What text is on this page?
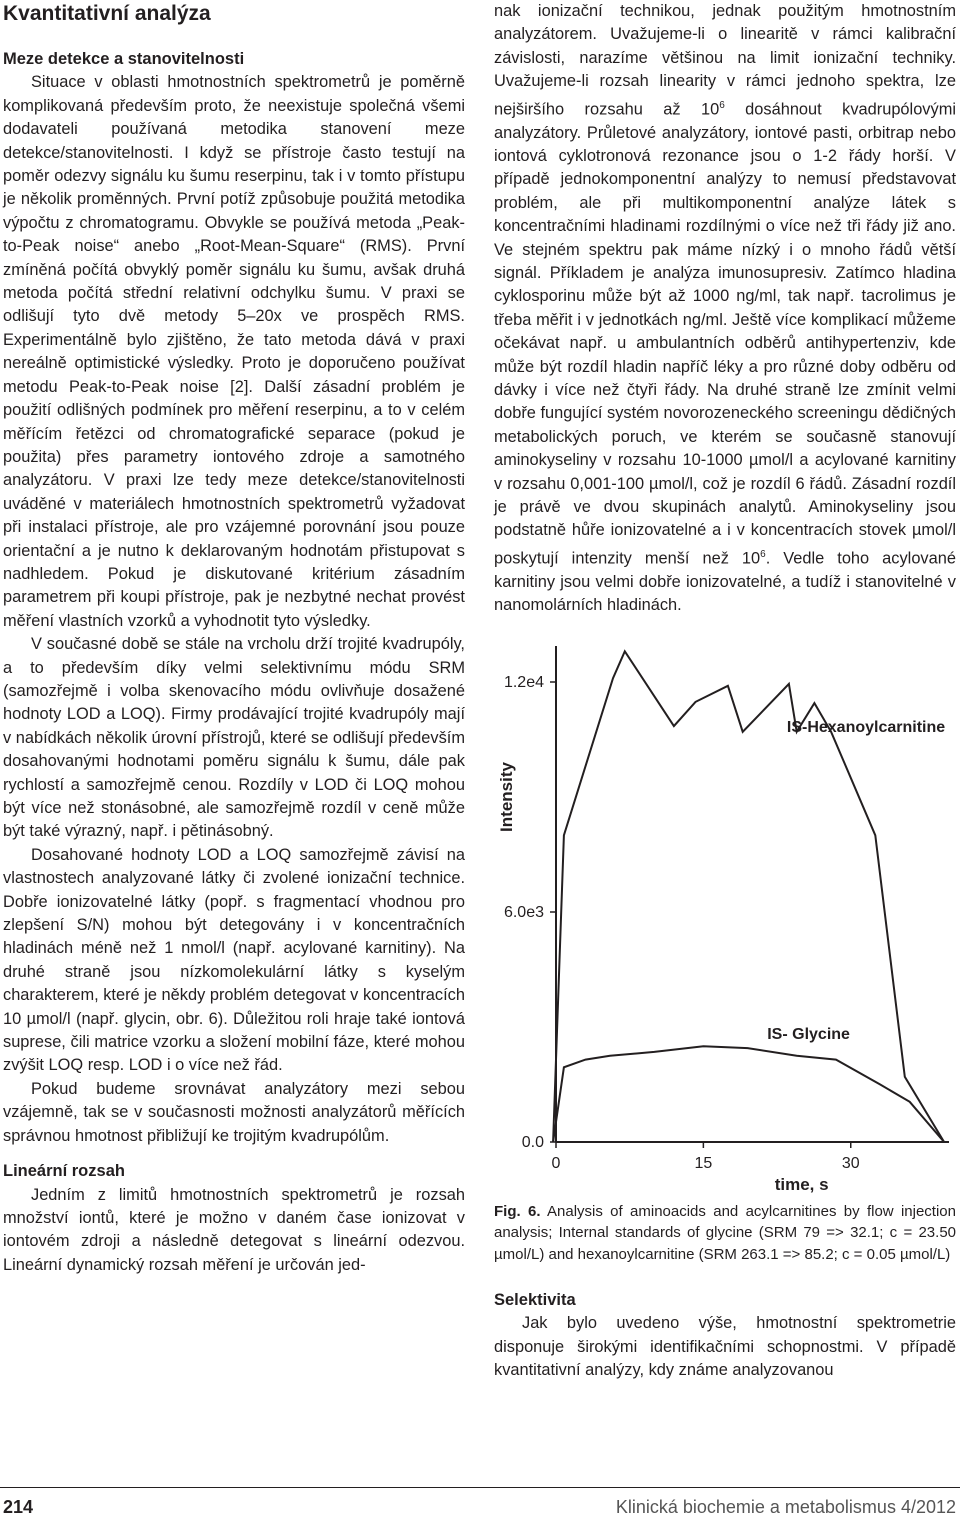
Kvantitativní analýza
Meze detekce a stanovitelnosti

Situace v oblasti hmotnostních spektrometrů je poměrně komplikovaná především proto, že neexistuje společná všemi dodavateli používaná metodika stanovení meze detekce/stanovitelnosti. I když se přístroje často testují na poměr odezvy signálu ku šumu reserpinu, tak i v tomto přístupu je několik proměnných. První potíž způsobuje použitá metodika výpočtu z chromatogramu. Obvykle se používá metoda „Peak-to-Peak noise“ anebo „Root-Mean-Square“ (RMS). První zmíněná počítá obvyklý poměr signálu ku šumu, avšak druhá metoda počítá střední relativní odchylku šumu. V praxi se odlišují tyto dvě metody 5–20x ve prospěch RMS. Experimentálně bylo zjištěno, že tato metoda dává v praxi nereálně optimistické výsledky. Proto je doporučeno používat metodu Peak-to-Peak noise [2]. Další zásadní problém je použití odlišných podmínek pro měření reserpinu, a to v celém měřícím řetězci od chromatografické separace (pokud je použita) přes parametry iontového zdroje a samotného analyzátoru. V praxi lze tedy meze detekce/stanovitelnosti uváděné v materiálech hmotnostních spektrometrů vyžadovat při instalaci přístroje, ale pro vzájemné porovnání jsou pouze orientační a je nutno k deklarovaným hodnotám přistupovat s nadhledem. Pokud je diskutované kritérium zásadním parametrem při koupi přístroje, pak je nezbytné nechat provést měření vlastních vzorků a vyhodnotit tyto výsledky.

V současné době se stále na vrcholu drží trojité kvadrupóly, a to především díky velmi selektivnímu módu SRM (samozřejmě i volba skenovacího módu ovlivňuje dosažené hodnoty LOD a LOQ). Firmy prodávající trojité kvadrupóly mají v nabídkách několik úrovní přístrojů, které se odlišují především dosahovanými hodnotami poměru signálu k šumu, dále pak rychlostí a samozřejmě cenou. Rozdíly v LOD či LOQ mohou být více než stonásobné, ale samozřejmě rozdíl v ceně může být také výrazný, např. i pětinásobný.

Dosahované hodnoty LOD a LOQ samozřejmě závisí na vlastnostech analyzované látky či zvolené ionizační technice. Dobře ionizovatelné látky (popř. s fragmentací vhodnou pro zlepšení S/N) mohou být detegovány i v koncentračních hladinách méně než 1 nmol/l (např. acylované karnitiny). Na druhé straně jsou nízkomolekulární látky s kyselým charakterem, které je někdy problém detegovat v koncentracích 10 µmol/l (např. glycin, obr. 6). Důležitou roli hraje také iontová suprese, čili matrice vzorku a složení mobilní fáze, které mohou zvýšit LOQ resp. LOD i o více než řád.

Pokud budeme srovnávat analyzátory mezi sebou vzájemně, tak se v současnosti možnosti analyzátorů měřících správnou hmotnost přibližují ke trojitým kvadrupólům.

Lineární rozsah

Jedním z limitů hmotnostních spektrometrů je rozsah množství iontů, které je možno v daném čase ionizovat v iontovém zdroji a následně detegovat s lineární odezvou. Lineární dynamický rozsah měření je určován jed-

nak ionizační technikou, jednak použitým hmotnostním analyzátorem. Uvažujeme-li o linearitě v rámci kalibrační závislosti, narazíme většinou na limit ionizační techniky. Uvažujeme-li rozsah linearity v rámci jednoho spektra, lze nejširšího rozsahu až $10^6$ dosáhnout kvadrupólovými analyzátory. Průletové analyzátory, iontové pasti, orbitrap nebo iontová cyklotronová rezonance jsou o 1-2 řády horší. V případě jednokomponentní analýzy to nemusí představovat problém, ale při multikomponentní analýze látek s koncentračními hladinami rozdílnými o více než tři řády již ano. Ve stejném spektru pak máme nízký i o mnoho řádů větší signál. Příkladem je analýza imunosupresiv. Zatímco hladina cyklosporinu může být až 1000 ng/ml, tak např. tacrolimus je třeba měřit i v jednotkách ng/ml. Ještě více komplikací můžeme očekávat např. u ambulantních odběrů antihypertenziv, kde může být rozdíl hladin napříč léky a pro různé doby odběru od dávky i více než čtyři řády. Na druhé straně lze zmínit velmi dobře fungující systém novorozeneckého screeningu dědičných metabolických poruch, ve kterém se současně stanovují aminokyseliny v rozsahu 10-1000 µmol/l a acylované karnitiny v rozsahu 0,001-100 µmol/l, což je rozdíl 6 řádů. Zásadní rozdíl je právě ve dvou skupinách analytů. Aminokyseliny jsou podstatně hůře ionizovatelné a i v koncentracích stovek µmol/l poskytují intenzity menší než $10^6$. Vedle toho acylované karnitiny jsou velmi dobře ionizovatelné, a tudíž i stanovitelné v nanomolárních hladinách.

0.0
6.0e3
1.2e4
0	15	30
Intensity
time, s
IS-Hexanoylcarnitine
IS- Glycine

Fig. 6. Analysis of aminoacids and acylcarnitines by flow injection analysis; Internal standards of glycine (SRM 79 => 32.1; c = 23.50 µmol/L) and hexanoylcarnitine (SRM 263.1 => 85.2; c = 0.05 µmol/L)

Selektivita

Jak bylo uvedeno výše, hmotnostní spektrometrie disponuje širokými identifikačními schopnostmi. V případě kvantitativní analýzy, kdy známe analyzovanou

214	Klinická biochemie a metabolismus 4/2012
